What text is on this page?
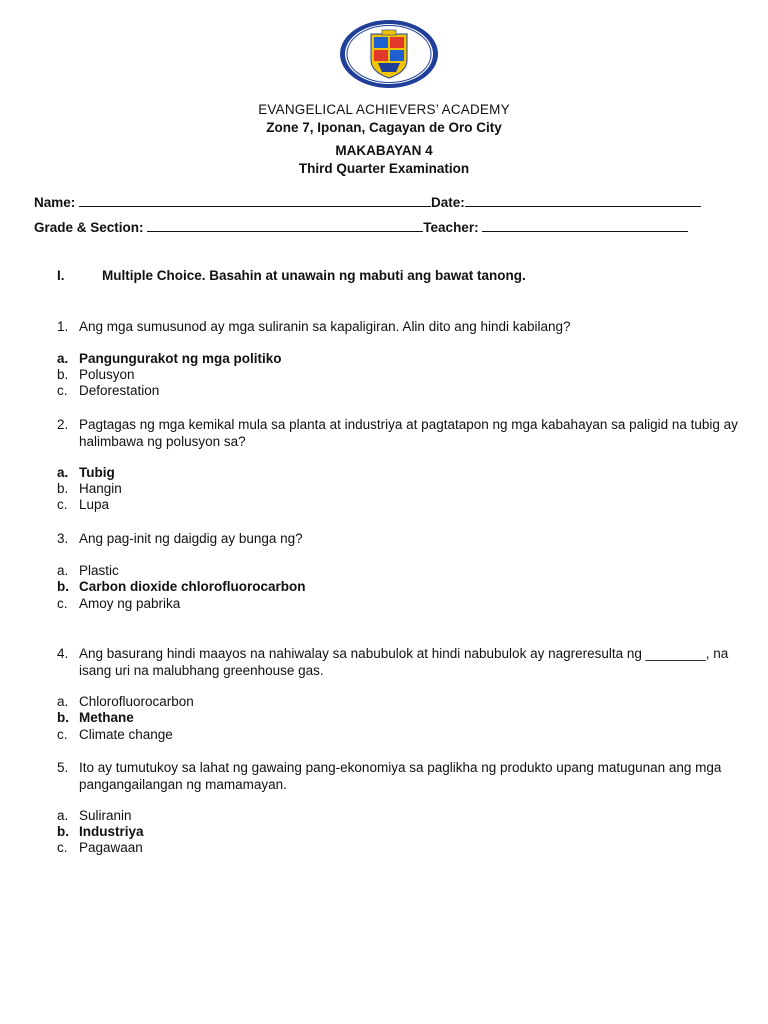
EVANGELICAL ACHIEVERS’ ACADEMY
Zone 7, Iponan, Cagayan de Oro City
MAKABAYAN 4
Third Quarter Examination
Name:	Date:
Grade & Section:	Teacher:
I.	Multiple Choice. Basahin at unawain ng mabuti ang bawat tanong.
1. Ang mga sumusunod ay mga suliranin sa kapaligiran. Alin dito ang hindi kabilang?
a. Pangungurakot ng mga politiko
b. Polusyon
c. Deforestation
2. Pagtagas ng mga kemikal mula sa planta at industriya at pagtatapon ng mga kabahayan sa paligid na tubig ay halimbawa ng polusyon sa?
a. Tubig
b. Hangin
c. Lupa
3. Ang pag-init ng daigdig ay bunga ng?
a. Plastic
b. Carbon dioxide chlorofluorocarbon
c. Amoy ng pabrika
4. Ang basurang hindi maayos na nahiwalay sa nabubulok at hindi nabubulok ay nagreresulta ng ________, na isang uri na malubhang greenhouse gas.
a. Chlorofluorocarbon
b. Methane
c. Climate change
5. Ito ay tumutukoy sa lahat ng gawaing pang-ekonomiya sa paglikha ng produkto upang matugunan ang mga pangangailangan ng mamamayan.
a. Suliranin
b. Industriya
c. Pagawaan
